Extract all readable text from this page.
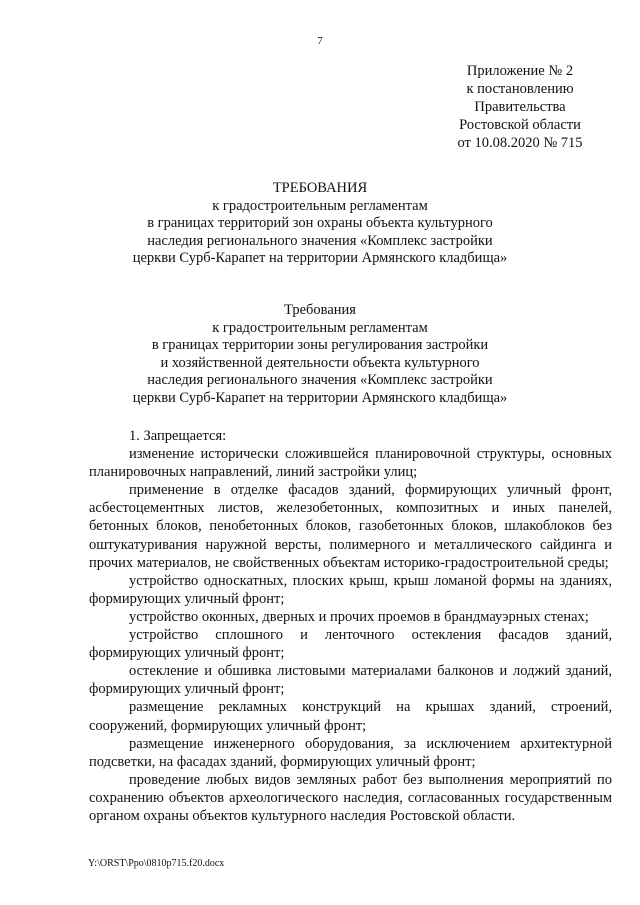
7
Приложение № 2
к постановлению
Правительства
Ростовской области
от 10.08.2020 № 715
ТРЕБОВАНИЯ
к градостроительным регламентам
в границах территорий зон охраны объекта культурного
наследия регионального значения «Комплекс застройки
церкви Сурб-Карапет на территории Армянского кладбища»
Требования
к градостроительным регламентам
в границах территории зоны регулирования застройки
и хозяйственной деятельности объекта культурного
наследия регионального значения «Комплекс застройки
церкви Сурб-Карапет на территории Армянского кладбища»

1. Запрещается:

изменение исторически сложившейся планировочной структуры, основных планировочных направлений, линий застройки улиц;

применение в отделке фасадов зданий, формирующих уличный фронт, асбестоцементных листов, железобетонных, композитных и иных панелей, бетонных блоков, пенобетонных блоков, газобетонных блоков, шлакоблоков без оштукатуривания наружной версты, полимерного и металлического сайдинга и прочих материалов, не свойственных объектам историко-градостроительной среды;

устройство односкатных, плоских крыш, крыш ломаной формы на зданиях, формирующих уличный фронт;

устройство оконных, дверных и прочих проемов в брандмауэрных стенах;

устройство сплошного и ленточного остекления фасадов зданий, формирующих уличный фронт;

остекление и обшивка листовыми материалами балконов и лоджий зданий, формирующих уличный фронт;

размещение рекламных конструкций на крышах зданий, строений, сооружений, формирующих уличный фронт;

размещение инженерного оборудования, за исключением архитектурной подсветки, на фасадах зданий, формирующих уличный фронт;

проведение любых видов земляных работ без выполнения мероприятий по сохранению объектов археологического наследия, согласованных государственным органом охраны объектов культурного наследия Ростовской области.

Y:\ORST\Ppo\0810p715.f20.docx
